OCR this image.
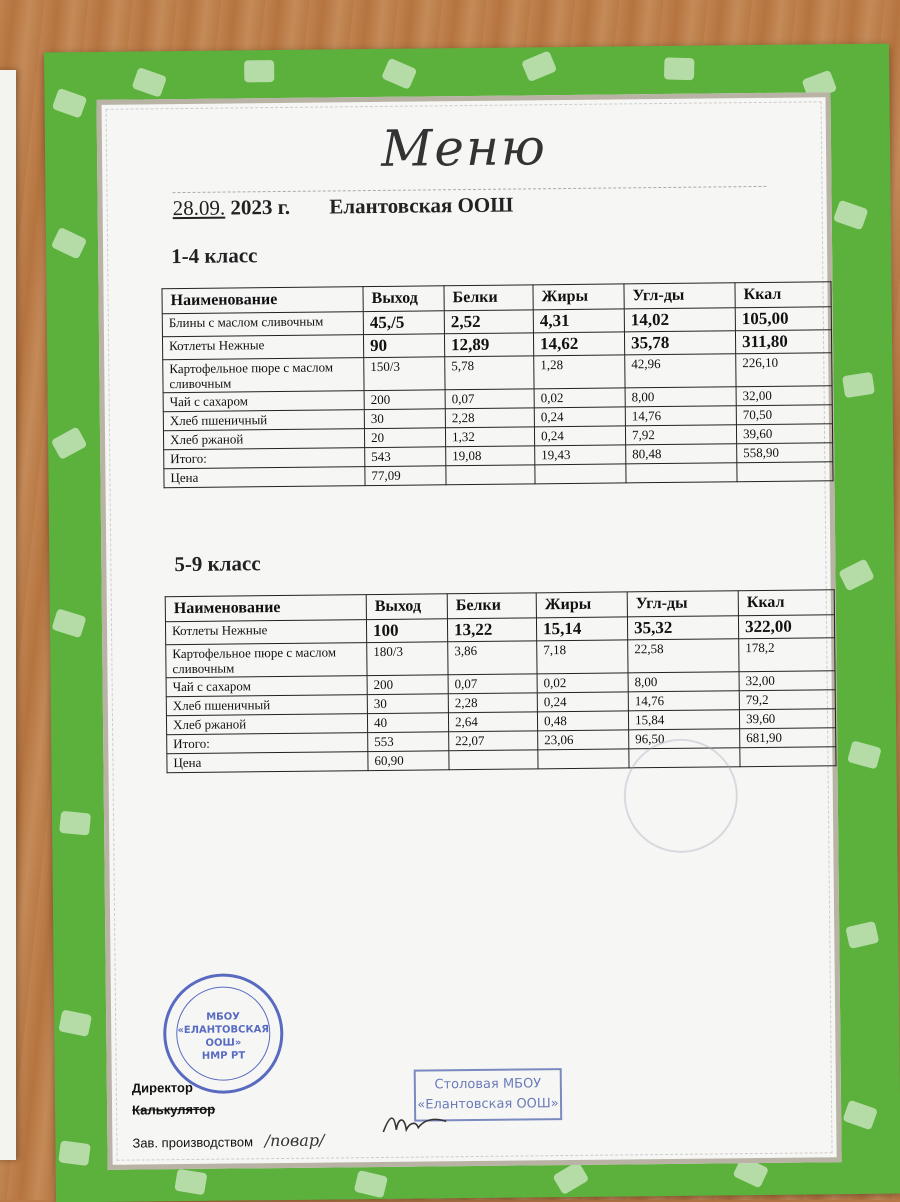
Меню
28.09. 2023 г. Елантовская ООШ
1-4 класс
Наименование	Выход	Белки	Жиры	Угл-ды	Ккал
Блины с маслом сливочным	45,/5	2,52	4,31	14,02	105,00
Котлеты Нежные	90	12,89	14,62	35,78	311,80
Картофельное пюре с маслом сливочным	150/3	5,78	1,28	42,96	226,10
Чай с сахаром	200	0,07	0,02	8,00	32,00
Хлеб пшеничный	30	2,28	0,24	14,76	70,50
Хлеб ржаной	20	1,32	0,24	7,92	39,60
Итого:	543	19,08	19,43	80,48	558,90
Цена	77,09				
5-9 класс
Наименование	Выход	Белки	Жиры	Угл-ды	Ккал
Котлеты Нежные	100	13,22	15,14	35,32	322,00
Картофельное пюре с маслом сливочным	180/3	3,86	7,18	22,58	178,2
Чай с сахаром	200	0,07	0,02	8,00	32,00
Хлеб пшеничный	30	2,28	0,24	14,76	79,2
Хлеб ржаной	40	2,64	0,48	15,84	39,60
Итого:	553	22,07	23,06	96,50	681,90
Цена	60,90				
МБОУ
«ЕЛАНТОВСКАЯ
ООШ»
НМР РТ
Столовая МБОУ
«Елантовская ООШ»
Директор
Калькулятор
Зав. производством /повар/
